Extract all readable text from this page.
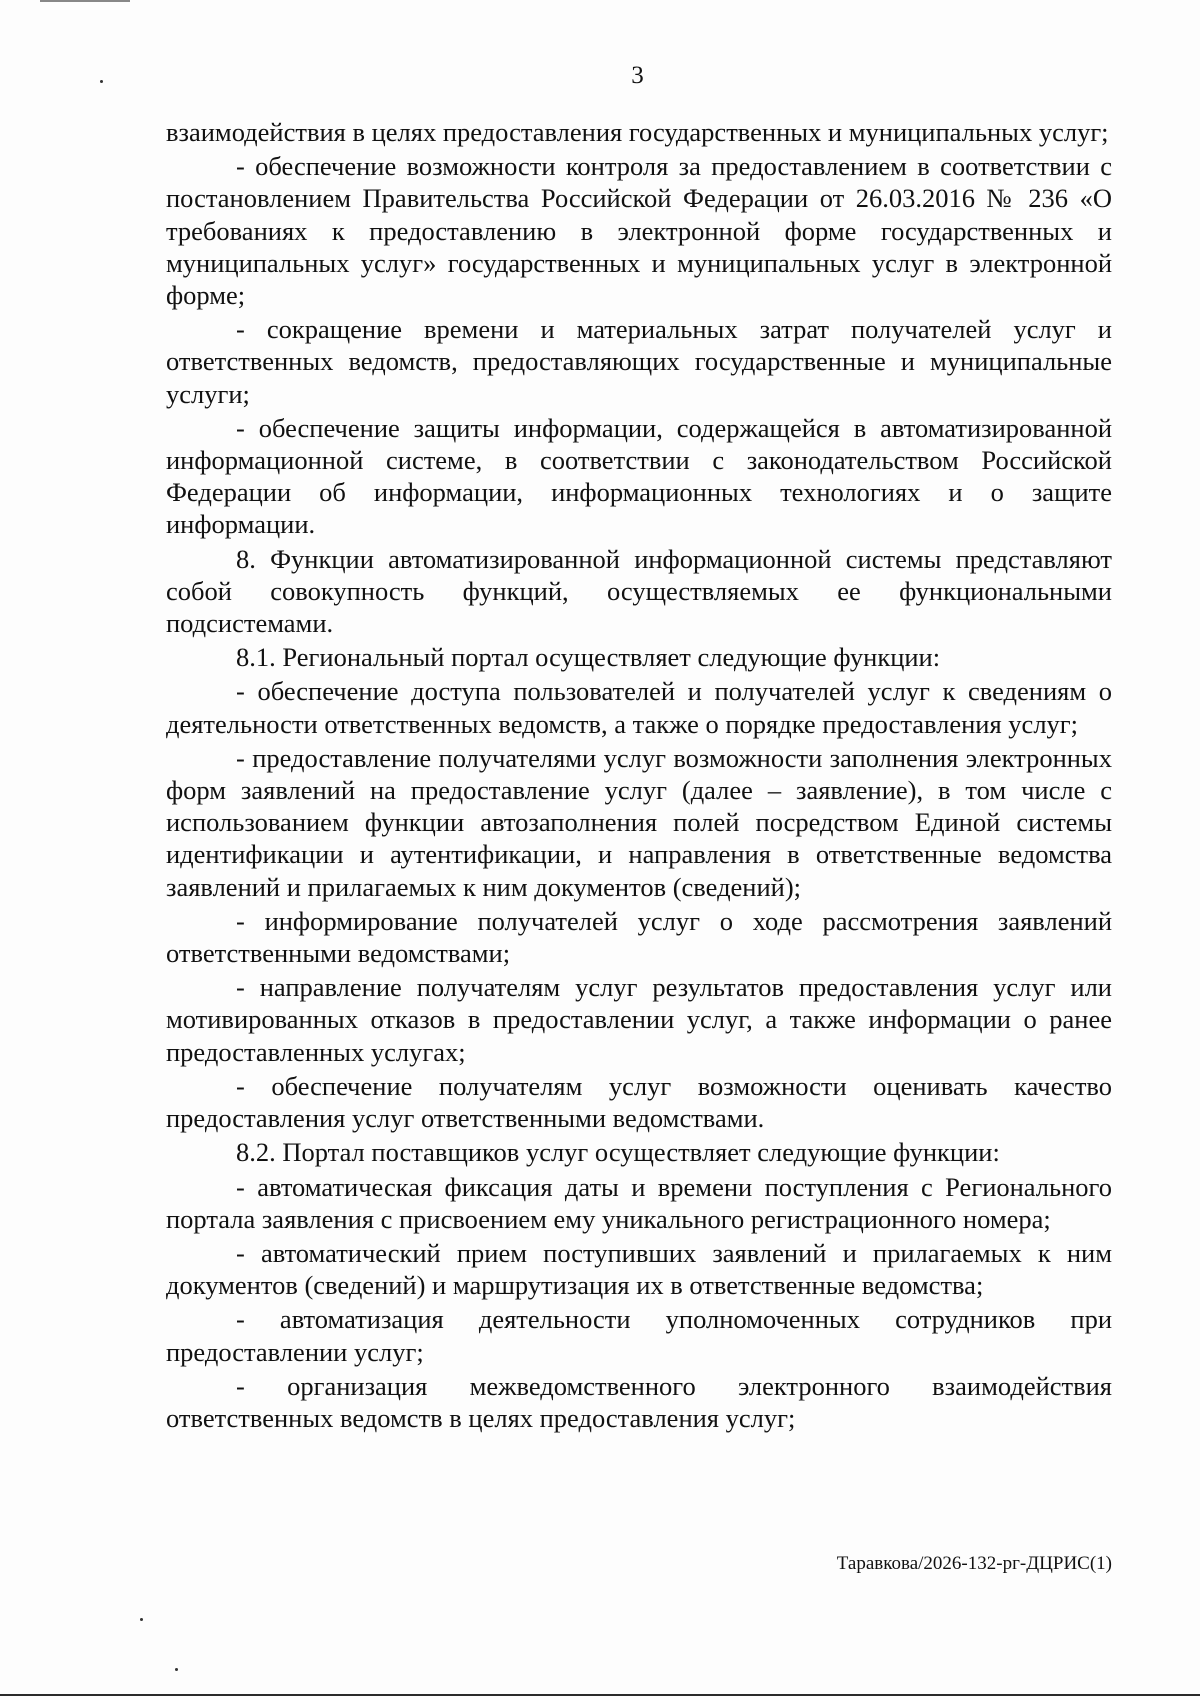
3

взаимодействия в целях предоставления государственных и муниципальных услуг;

- обеспечение возможности контроля за предоставлением в соответствии с постановлением Правительства Российской Федерации от 26.03.2016 № 236 «О требованиях к предоставлению в электронной форме государственных и муниципальных услуг» государственных и муниципальных услуг в электронной форме;

- сокращение времени и материальных затрат получателей услуг и ответственных ведомств, предоставляющих государственные и муниципальные услуги;

- обеспечение защиты информации, содержащейся в автоматизированной информационной системе, в соответствии с законодательством Российской Федерации об информации, информационных технологиях и о защите информации.

8. Функции автоматизированной информационной системы представляют собой совокупность функций, осуществляемых ее функциональными подсистемами.

8.1. Региональный портал осуществляет следующие функции:

- обеспечение доступа пользователей и получателей услуг к сведениям о деятельности ответственных ведомств, а также о порядке предоставления услуг;

- предоставление получателями услуг возможности заполнения электронных форм заявлений на предоставление услуг (далее – заявление), в том числе с использованием функции автозаполнения полей посредством Единой системы идентификации и аутентификации, и направления в ответственные ведомства заявлений и прилагаемых к ним документов (сведений);

- информирование получателей услуг о ходе рассмотрения заявлений ответственными ведомствами;

- направление получателям услуг результатов предоставления услуг или мотивированных отказов в предоставлении услуг, а также информации о ранее предоставленных услугах;

- обеспечение получателям услуг возможности оценивать качество предоставления услуг ответственными ведомствами.

8.2. Портал поставщиков услуг осуществляет следующие функции:

- автоматическая фиксация даты и времени поступления с Регионального портала заявления с присвоением ему уникального регистрационного номера;

- автоматический прием поступивших заявлений и прилагаемых к ним документов (сведений) и маршрутизация их в ответственные ведомства;

- автоматизация деятельности уполномоченных сотрудников при предоставлении услуг;

- организация межведомственного электронного взаимодействия ответственных ведомств в целях предоставления услуг;

Таравкова/2026-132-рг-ДЦРИС(1)
